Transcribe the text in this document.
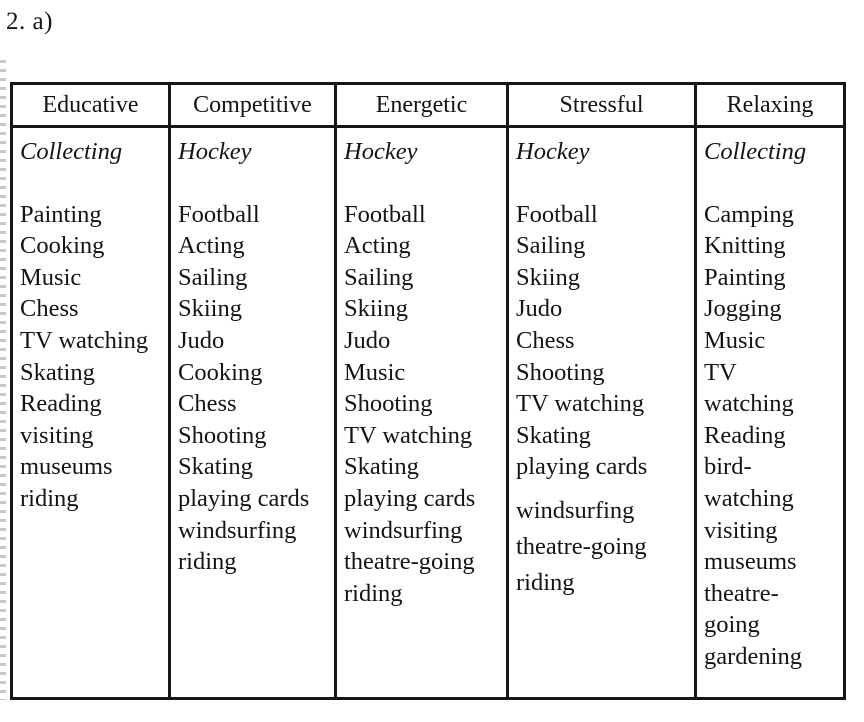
2. a)
Educative
Collecting
Painting
Cooking
Music
Chess
TV watching
Skating
Reading
visiting
museums
riding
Competitive
Hockey
Football
Acting
Sailing
Skiing
Judo
Cooking
Chess
Shooting
Skating
playing cards
windsurfing
riding
Energetic
Hockey
Football
Acting
Sailing
Skiing
Judo
Music
Shooting
TV watching
Skating
playing cards
windsurfing
theatre-going
riding
Stressful
Hockey
Football
Sailing
Skiing
Judo
Chess
Shooting
TV watching
Skating
playing cards
windsurfing
theatre-going
riding
Relaxing
Collecting
Camping
Knitting
Painting
Jogging
Music
TV
watching
Reading
bird-
watching
visiting
museums
theatre-
going
gardening
